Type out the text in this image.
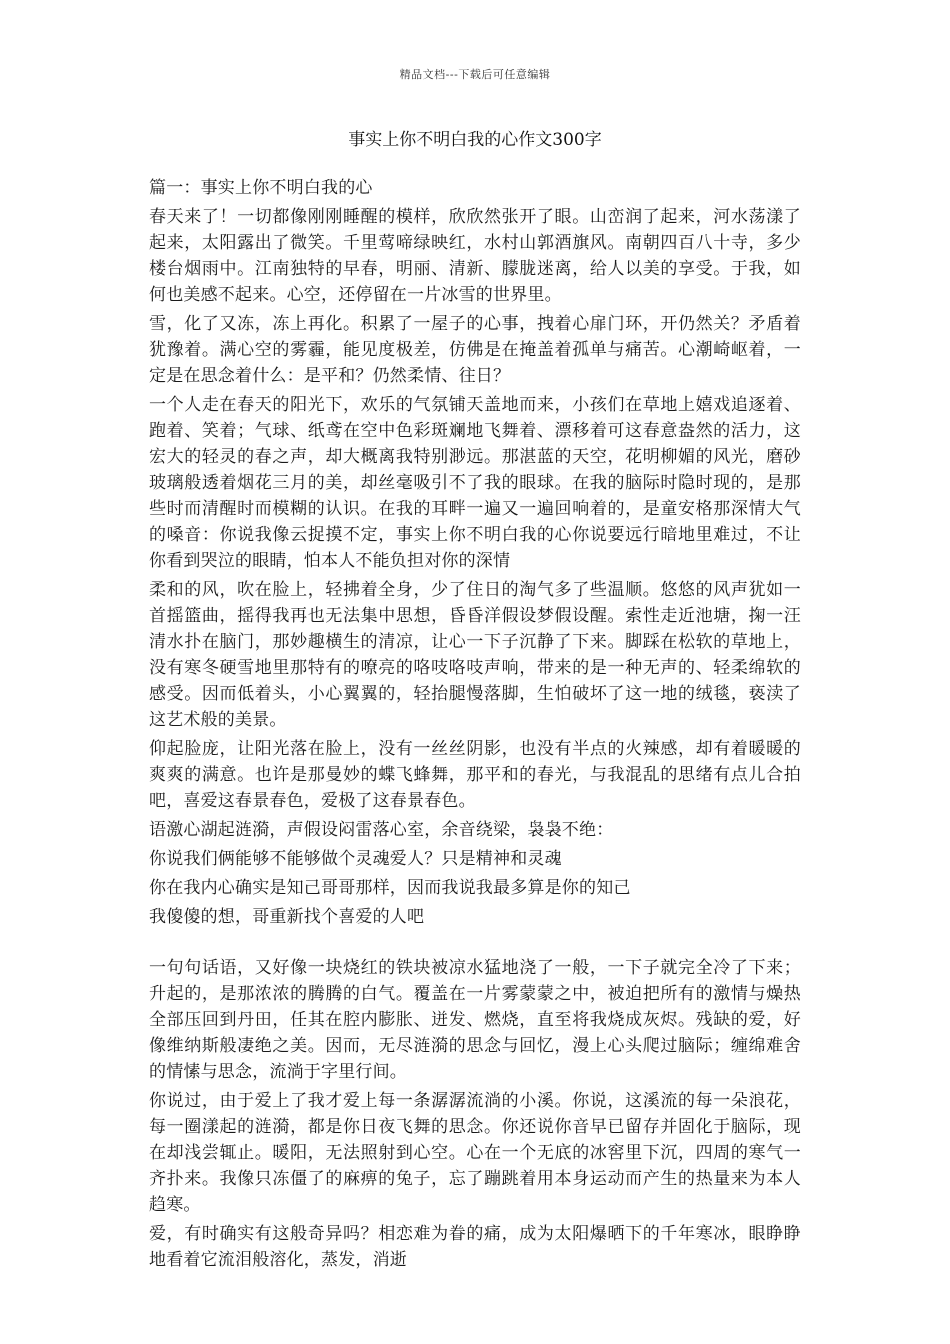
精品文档---下载后可任意编辑
事实上你不明白我的心作文300字

篇一：事实上你不明白我的心

春天来了！一切都像刚刚睡醒的模样，欣欣然张开了眼。山峦润了起来，河水荡漾了起来，太阳露出了微笑。千里莺啼绿映红，水村山郭酒旗风。南朝四百八十寺，多少楼台烟雨中。江南独特的早春，明丽、清新、朦胧迷离，给人以美的享受。于我，如何也美感不起来。心空，还停留在一片冰雪的世界里。

雪，化了又冻，冻上再化。积累了一屋子的心事，拽着心扉门环，开仍然关？矛盾着犹豫着。满心空的雾霾，能见度极差，仿佛是在掩盖着孤单与痛苦。心潮崎岖着，一定是在思念着什么：是平和？仍然柔情、往日？

一个人走在春天的阳光下，欢乐的气氛铺天盖地而来，小孩们在草地上嬉戏追逐着、跑着、笑着；气球、纸鸢在空中色彩斑斓地飞舞着、漂移着可这春意盎然的活力，这宏大的轻灵的春之声，却大概离我特别渺远。那湛蓝的天空，花明柳媚的风光，磨砂玻璃般透着烟花三月的美，却丝毫吸引不了我的眼球。在我的脑际时隐时现的，是那些时而清醒时而模糊的认识。在我的耳畔一遍又一遍回响着的，是童安格那深情大气的嗓音：你说我像云捉摸不定，事实上你不明白我的心你说要远行暗地里难过，不让你看到哭泣的眼睛，怕本人不能负担对你的深情

柔和的风，吹在脸上，轻拂着全身，少了住日的淘气多了些温顺。悠悠的风声犹如一首摇篮曲，摇得我再也无法集中思想，昏昏洋假设梦假设醒。索性走近池塘，掬一汪清水扑在脑门，那妙趣横生的清凉，让心一下子沉静了下来。脚踩在松软的草地上，没有寒冬硬雪地里那特有的嘹亮的咯吱咯吱声响，带来的是一种无声的、轻柔绵软的感受。因而低着头，小心翼翼的，轻抬腿慢落脚，生怕破坏了这一地的绒毯，亵渎了这艺术般的美景。

仰起脸庞，让阳光落在脸上，没有一丝丝阴影，也没有半点的火辣感，却有着暖暖的爽爽的满意。也许是那曼妙的蝶飞蜂舞，那平和的春光，与我混乱的思绪有点儿合拍吧，喜爱这春景春色，爱极了这春景春色。

语激心湖起涟漪，声假设闷雷落心室，余音绕梁，袅袅不绝：

你说我们俩能够不能够做个灵魂爱人？只是精神和灵魂

你在我内心确实是知己哥哥那样，因而我说我最多算是你的知己

我傻傻的想，哥重新找个喜爱的人吧

一句句话语，又好像一块烧红的铁块被凉水猛地浇了一般，一下子就完全冷了下来；升起的，是那浓浓的腾腾的白气。覆盖在一片雾蒙蒙之中，被迫把所有的激情与燥热全部压回到丹田，任其在腔内膨胀、迸发、燃烧，直至将我烧成灰烬。残缺的爱，好像维纳斯般凄绝之美。因而，无尽涟漪的思念与回忆，漫上心头爬过脑际；缠绵难舍的情愫与思念，流淌于字里行间。

你说过，由于爱上了我才爱上每一条潺潺流淌的小溪。你说，这溪流的每一朵浪花，每一圈漾起的涟漪，都是你日夜飞舞的思念。你还说你音早已留存并固化于脑际，现在却浅尝辄止。暖阳，无法照射到心空。心在一个无底的冰窖里下沉，四周的寒气一齐扑来。我像只冻僵了的麻痹的兔子，忘了蹦跳着用本身运动而产生的热量来为本人趋寒。

爱，有时确实有这般奇异吗？相恋难为眷的痛，成为太阳爆晒下的千年寒冰，眼睁睁地看着它流泪般溶化，蒸发，消逝
